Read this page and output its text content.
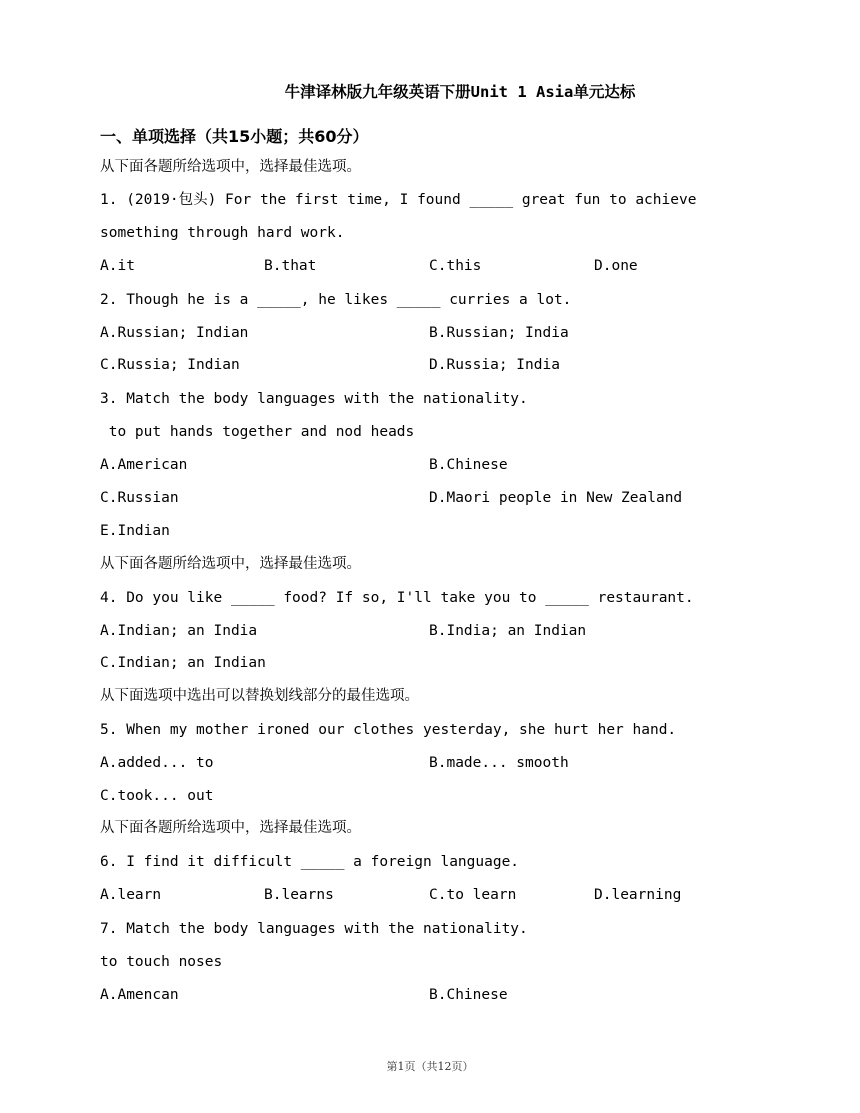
牛津译林版九年级英语下册Unit 1 Asia单元达标
一、单项选择（共15小题；共60分）
从下面各题所给选项中，选择最佳选项。
1. (2019·包头) For the first time, I found _____ great fun to achieve
something through hard work.
A.it	B.that	C.this	D.one
2. Though he is a _____, he likes _____ curries a lot.
A.Russian; Indian	B.Russian; India
C.Russia; Indian	D.Russia; India
3. Match the body languages with the nationality.
to put hands together and nod heads
A.American	B.Chinese
C.Russian	D.Maori people in New Zealand
E.Indian
从下面各题所给选项中，选择最佳选项。
4. Do you like _____ food? If so, I'll take you to _____ restaurant.
A.Indian; an India	B.India; an Indian
C.Indian; an Indian
从下面选项中选出可以替换划线部分的最佳选项。
5. When my mother ironed our clothes yesterday, she hurt her hand.
A.added... to	B.made... smooth
C.took... out
从下面各题所给选项中，选择最佳选项。
6. I find it difficult _____ a foreign language.
A.learn	B.learns	C.to learn	D.learning
7. Match the body languages with the nationality.
to touch noses
A.Amencan	B.Chinese
第1页（共12页）
